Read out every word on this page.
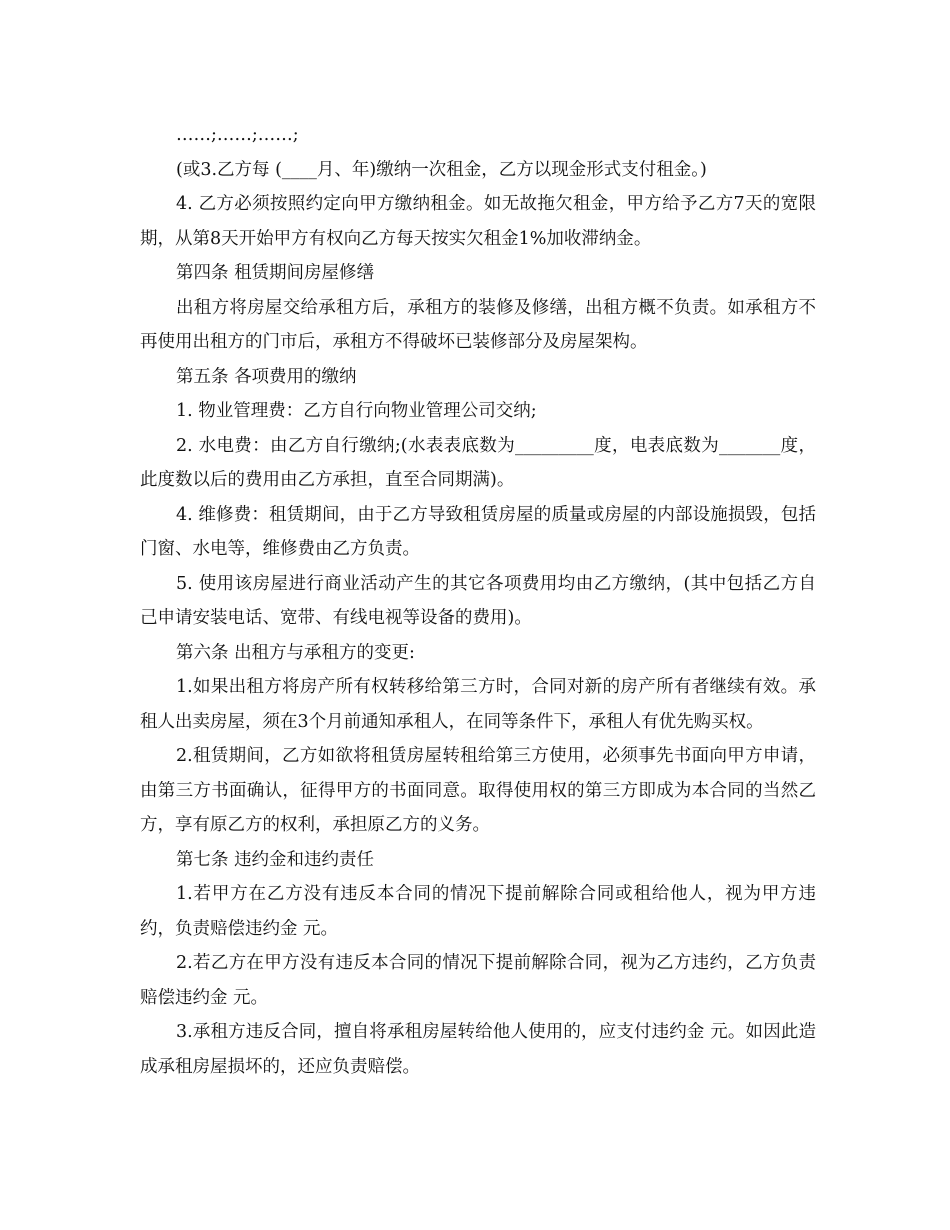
……;……;……;

(或3.乙方每 (____月、年)缴纳一次租金，乙方以现金形式支付租金。)

4. 乙方必须按照约定向甲方缴纳租金。如无故拖欠租金，甲方给予乙方7天的宽限期，从第8天开始甲方有权向乙方每天按实欠租金1%加收滞纳金。

第四条 租赁期间房屋修缮

出租方将房屋交给承租方后，承租方的装修及修缮，出租方概不负责。如承租方不再使用出租方的门市后，承租方不得破坏已装修部分及房屋架构。

第五条 各项费用的缴纳

1. 物业管理费：乙方自行向物业管理公司交纳;

2. 水电费：由乙方自行缴纳;(水表表底数为_________度，电表底数为_______度，此度数以后的费用由乙方承担，直至合同期满)。

4. 维修费：租赁期间，由于乙方导致租赁房屋的质量或房屋的内部设施损毁，包括门窗、水电等，维修费由乙方负责。

5. 使用该房屋进行商业活动产生的其它各项费用均由乙方缴纳，(其中包括乙方自己申请安装电话、宽带、有线电视等设备的费用)。

第六条 出租方与承租方的变更:

1.如果出租方将房产所有权转移给第三方时，合同对新的房产所有者继续有效。承租人出卖房屋，须在3个月前通知承租人，在同等条件下，承租人有优先购买权。

2.租赁期间，乙方如欲将租赁房屋转租给第三方使用，必须事先书面向甲方申请，由第三方书面确认，征得甲方的书面同意。取得使用权的第三方即成为本合同的当然乙方，享有原乙方的权利，承担原乙方的义务。

第七条 违约金和违约责任

1.若甲方在乙方没有违反本合同的情况下提前解除合同或租给他人，视为甲方违约，负责赔偿违约金 元。

2.若乙方在甲方没有违反本合同的情况下提前解除合同，视为乙方违约，乙方负责赔偿违约金 元。

3.承租方违反合同，擅自将承租房屋转给他人使用的，应支付违约金 元。如因此造成承租房屋损坏的，还应负责赔偿。
